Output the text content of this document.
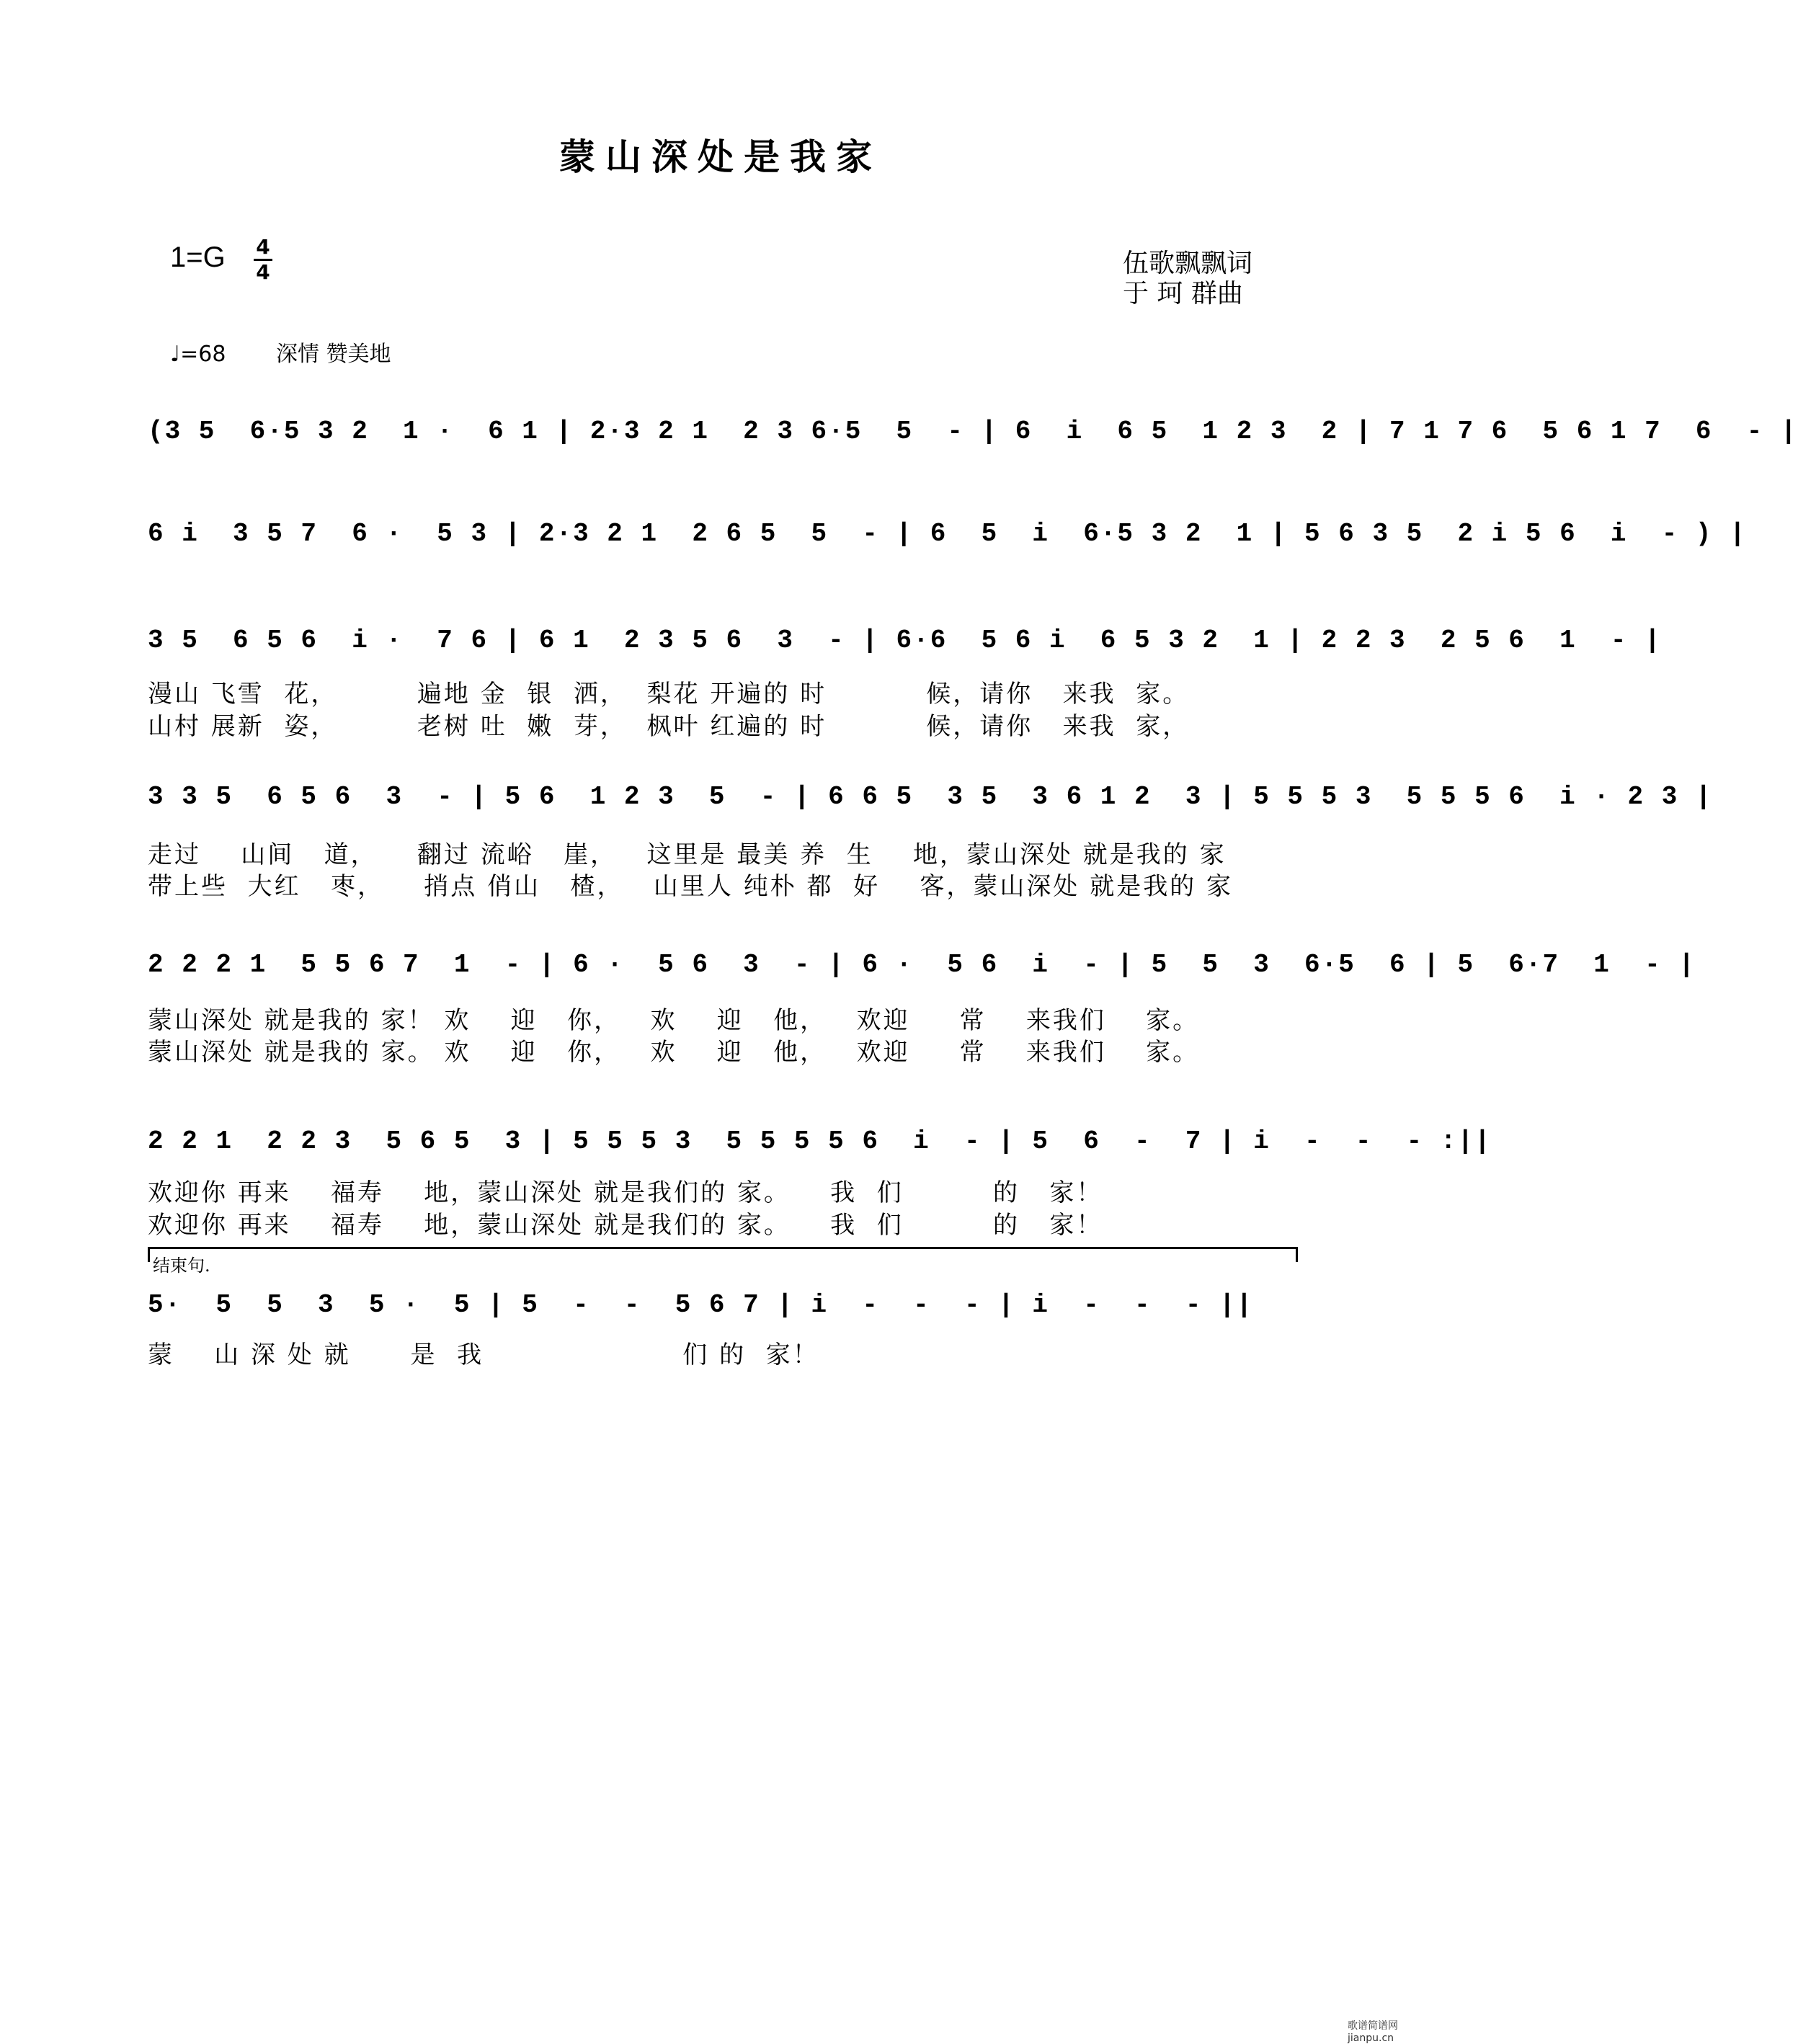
蒙山深处是我家
1=G 4
4	伍歌飘飘词
于 珂 群曲
♩=68 深情 赞美地
(3 5  6·5 3 2  1 ·  6 1 | 2·3 2 1  2 3 6·5  5  - | 6  i  6 5  1 2 3  2 | 7 1 7 6  5 6 1 7  6  - |
6 i  3 5 7  6 ·  5 3 | 2·3 2 1  2 6 5  5  - | 6  5  i  6·5 3 2  1 | 5 6 3 5  2 i 5 6  i  - ) |
3 5  6 5 6  i ·  7 6 | 6 1  2 3 5 6  3  - | 6·6  5 6 i  6 5 3 2  1 | 2 2 3  2 5 6  1  - |
漫山 飞雪  花，        遍地 金  银  洒，  梨花 开遍的 时          候，请你   来我  家。
山村 展新  姿，        老树 吐  嫩  芽，  枫叶 红遍的 时          候，请你   来我  家，
3 3 5  6 5 6  3  - | 5 6  1 2 3  5  - | 6 6 5  3 5  3 6 1 2  3 | 5 5 5 3  5 5 5 6  i · 2 3 |
走过    山间   道，    翻过 流峪   崖，   这里是 最美 养  生    地，蒙山深处 就是我的 家
带上些  大红   枣，    捎点 俏山   楂，   山里人 纯朴 都  好    客，蒙山深处 就是我的 家
2 2 2 1  5 5 6 7  1  - | 6 ·  5 6  3  - | 6 ·  5 6  i  - | 5  5  3  6·5  6 | 5  6·7  1  - |
蒙山深处 就是我的 家！ 欢    迎   你，   欢    迎   他，   欢迎     常    来我们    家。
蒙山深处 就是我的 家。 欢    迎   你，   欢    迎   他，   欢迎     常    来我们    家。
2 2 1  2 2 3  5 6 5  3 | 5 5 5 3  5 5 5 5 6  i  - | 5  6  -  7 | i  -  -  - :||
欢迎你 再来    福寿    地，蒙山深处 就是我们的 家。    我  们         的   家！
欢迎你 再来    福寿    地，蒙山深处 就是我们的 家。    我  们         的   家！
结束句.
5·  5  5  3  5 ·  5 | 5  -  -  5 6 7 | i  -  -  - | i  -  -  - ||
蒙    山 深 处 就      是  我                    们 的  家！
歌谱简谱网 jianpu.cn
